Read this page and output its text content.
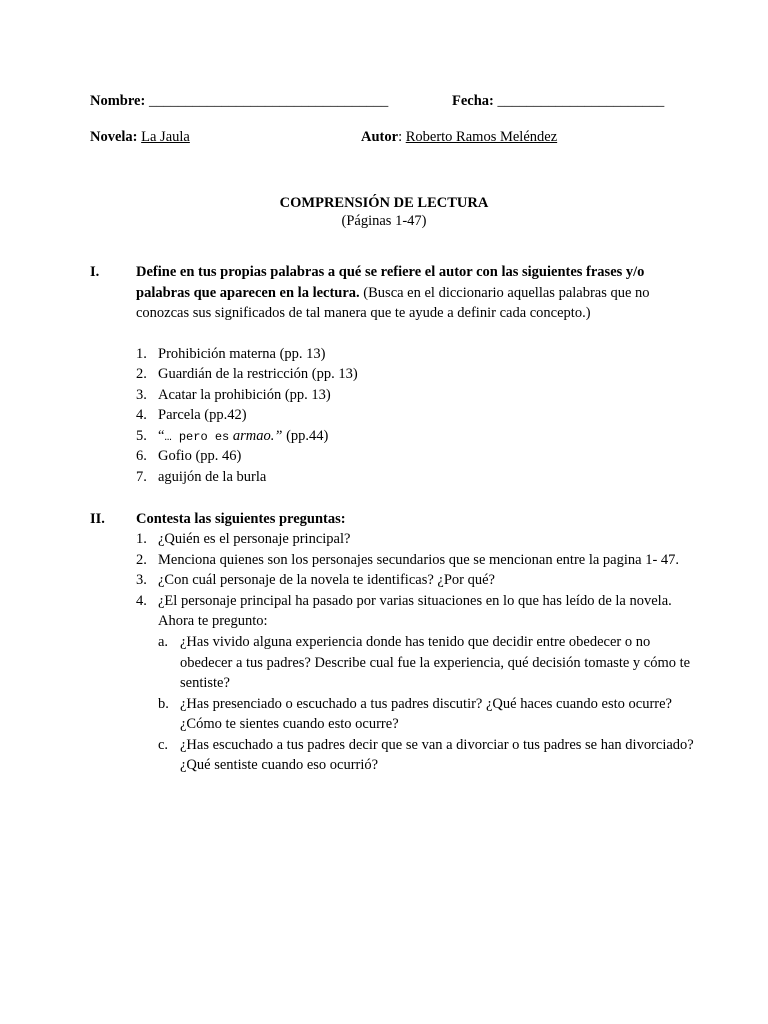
Nombre: _________________________________	Fecha: _______________________
Novela: La Jaula	Autor: Roberto Ramos Meléndez
COMPRENSIÓN DE LECTURA
(Páginas 1-47)
I.	Define en tus propias palabras a qué se refiere el autor con las siguientes frases y/o
palabras que aparecen en la lectura. (Busca en el diccionario aquellas palabras que no
conozcas sus significados de tal manera que te ayude a definir cada concepto.)
1. Prohibición materna (pp. 13)
2. Guardián de la restricción (pp. 13)
3. Acatar la prohibición (pp. 13)
4. Parcela (pp.42)
5. “… pero es armao.” (pp.44)
6. Gofio (pp. 46)
7. aguijón de la burla
II. Contesta las siguientes preguntas:
1. ¿Quién es el personaje principal?
2. Menciona quienes son los personajes secundarios que se mencionan entre la pagina 1- 47.
3. ¿Con cuál personaje de la novela te identificas? ¿Por qué?
4. ¿El personaje principal ha pasado por varias situaciones en lo que has leído de la novela.
Ahora te pregunto:
a. ¿Has vivido alguna experiencia donde has tenido que decidir entre obedecer o no
obedecer a tus padres? Describe cual fue la experiencia, qué decisión tomaste y cómo te
sentiste?
b. ¿Has presenciado o escuchado a tus padres discutir? ¿Qué haces cuando esto ocurre?
¿Cómo te sientes cuando esto ocurre?
c. ¿Has escuchado a tus padres decir que se van a divorciar o tus padres se han divorciado?
¿Qué sentiste cuando eso ocurrió?
